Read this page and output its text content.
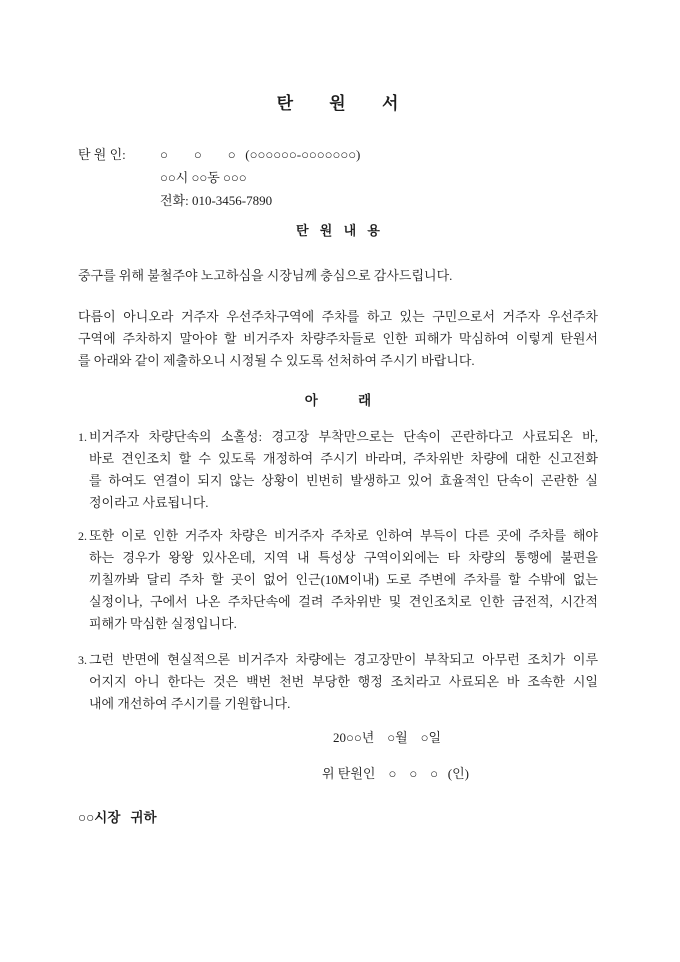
탄 원 서
탄 원 인:	○        ○        ○   (○○○○○○-○○○○○○○)
○○시 ○○동 ○○○
전화: 010-3456-7890
탄 원 내 용
중구를 위해 불철주야 노고하심을 시장님께 충심으로 감사드립니다.
다름이 아니오라 거주자 우선주차구역에 주차를 하고 있는 구민으로서 거주자 우선주차
구역에 주차하지 말아야 할 비거주자 차량주차들로 인한 피해가 막심하여 이렇게 탄원서
를 아래와 같이 제출하오니 시정될 수 있도록 선처하여 주시기 바랍니다.
아 래
1. 비거주자 차량단속의 소홀성: 경고장 부착만으로는 단속이 곤란하다고 사료되온 바,
바로 견인조치 할 수 있도록 개정하여 주시기 바라며, 주차위반 차량에 대한 신고전화
를 하여도 연결이 되지 않는 상황이 빈번히 발생하고 있어 효율적인 단속이 곤란한 실
정이라고 사료됩니다.
2. 또한 이로 인한 거주자 차량은 비거주자 주차로 인하여 부득이 다른 곳에 주차를 해야
하는 경우가 왕왕 있사온데, 지역 내 특성상 구역이외에는 타 차량의 통행에 불편을
끼칠까봐 달리 주차 할 곳이 없어 인근(10M이내) 도로 주변에 주차를 할 수밖에 없는
실정이나, 구에서 나온 주차단속에 걸려 주차위반 및 견인조치로 인한 금전적, 시간적
피해가 막심한 실정입니다.
3. 그런 반면에 현실적으론 비거주자 차량에는 경고장만이 부착되고 아무런 조치가 이루
어지지 아니 한다는 것은 백번 천번 부당한 행정 조치라고 사료되온 바 조속한 시일
내에 개선하여 주시기를 기원합니다.
20○○년    ○월    ○일
위 탄원인    ○    ○    ○   (인)
○○시장   귀하
